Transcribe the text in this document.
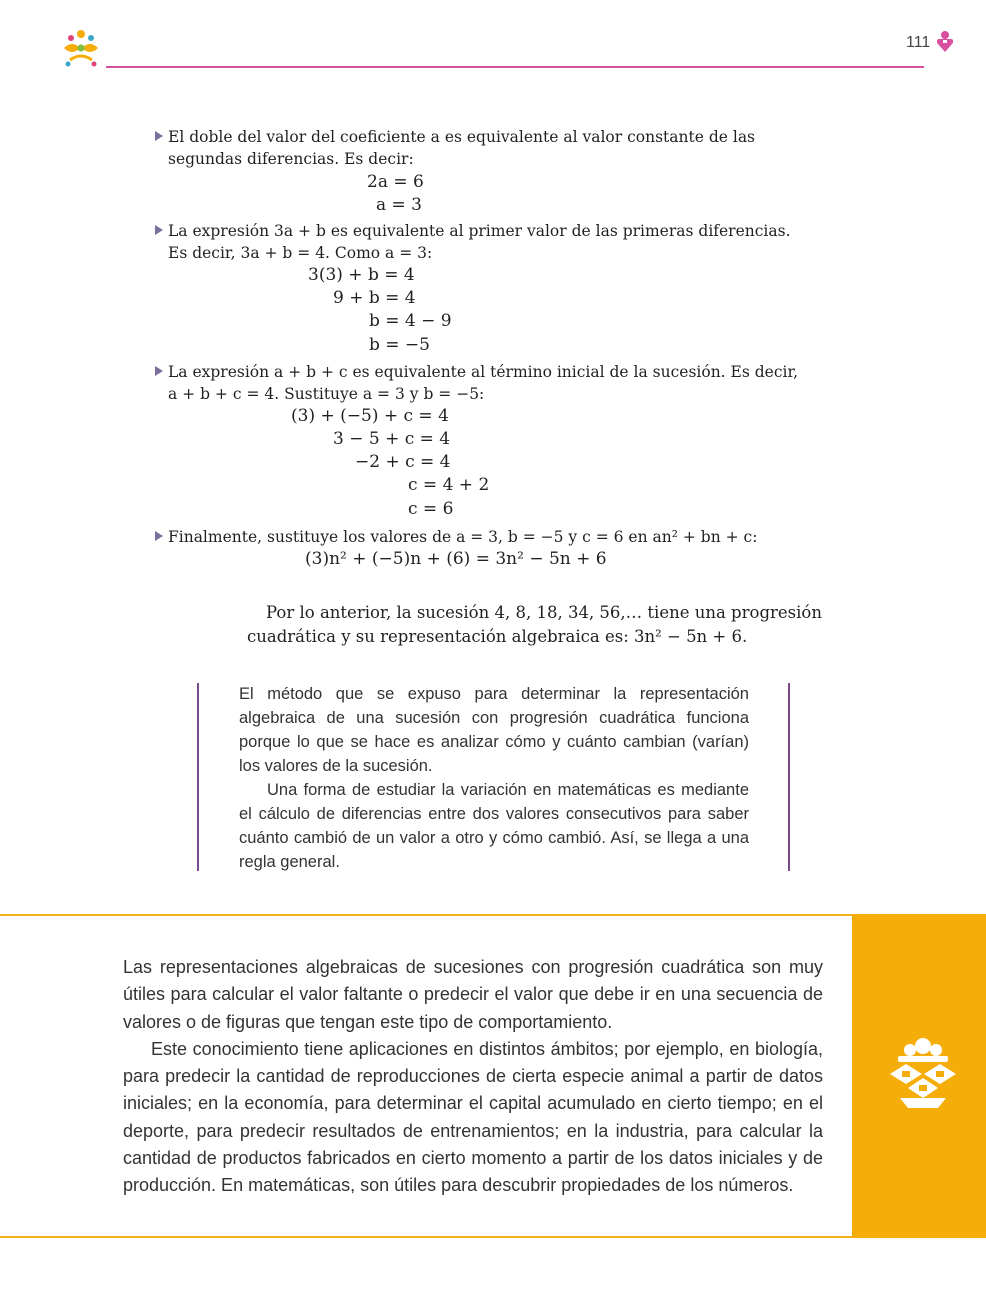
111
El doble del valor del coeficiente a es equivalente al valor constante de las
segundas diferencias. Es decir:
2a = 6
a = 3
La expresión 3a + b es equivalente al primer valor de las primeras diferencias.
Es decir, 3a + b = 4. Como a = 3:
3(3) + b = 4
9 + b = 4
b = 4 − 9
b = −5
La expresión a + b + c es equivalente al término inicial de la sucesión. Es decir,
a + b + c = 4. Sustituye a = 3 y b = −5:
(3) + (−5) + c = 4
3 − 5 + c = 4
−2 + c = 4
c = 4 + 2
c = 6
Finalmente, sustituye los valores de a = 3, b = −5 y c = 6 en an² + bn + c:
(3)n² + (−5)n + (6) = 3n² − 5n + 6
Por lo anterior, la sucesión 4, 8, 18, 34, 56,… tiene una progresión
cuadrática y su representación algebraica es: 3n² − 5n + 6.

El método que se expuso para determinar la representación algebraica de una sucesión con progresión cuadrática funciona porque lo que se hace es analizar cómo y cuánto cambian (varían) los valores de la sucesión.

Una forma de estudiar la variación en matemáticas es mediante el cálculo de diferencias entre dos valores consecutivos para saber cuánto cambió de un valor a otro y cómo cambió. Así, se llega a una regla general.

Las representaciones algebraicas de sucesiones con progresión cuadrática son muy útiles para calcular el valor faltante o predecir el valor que debe ir en una secuencia de valores o de figuras que tengan este tipo de comportamiento.

Este conocimiento tiene aplicaciones en distintos ámbitos; por ejemplo, en biología, para predecir la cantidad de reproducciones de cierta especie animal a partir de datos iniciales; en la economía, para determinar el capital acumulado en cierto tiempo; en el deporte, para predecir resultados de entrenamientos; en la industria, para calcular la cantidad de productos fabricados en cierto momento a partir de los datos iniciales y de producción. En matemáticas, son útiles para descubrir propiedades de los números.
